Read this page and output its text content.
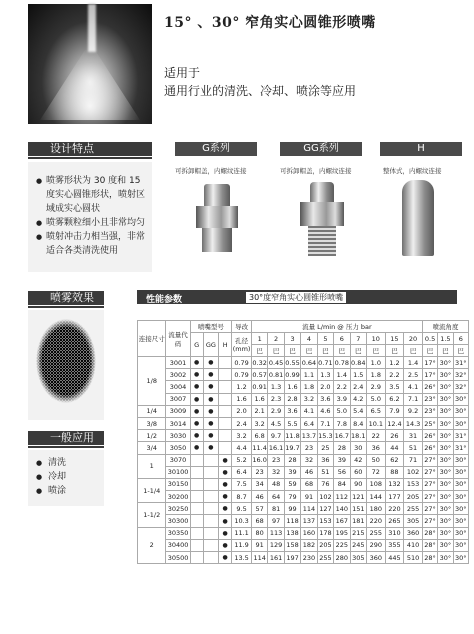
15° 、30° 窄角实心圆锥形喷嘴
适用于
通用行业的清洗、冷却、喷涂等应用
设计特点
● 喷雾形状为 30 度和 15 度实心圆锥形状，喷射区域成实心圆状
● 喷雾颗粒细小且非常均匀
● 喷射冲击力相当强，非常适合各类清洗使用
G系列	GG系列	H
可拆卸帽盖，内螺纹连接	可拆卸帽盖，内螺纹连接	整体式，内螺纹连接
喷雾效果
一般应用
● 清洗
● 冷却
● 喷涂
性能参数	30°度窄角实心圆锥形喷嘴
连接尺寸	流量代码	喷嘴型号			导改	流量 L/min @ 压力 bar										喷流角度		
		G	GG	H	孔径(mm)	1	2	3	4	5	6	7	10	15	20	0.5	1.5	6
						巴	巴	巴	巴	巴	巴	巴	巴	巴	巴	巴	巴	巴
1/8	3001	●	●		0.79	0.32	0.45	0.55	0.64	0.71	0.78	0.84	1.0	1.2	1.4	17°	30°	31°
	3002	●	●		0.79	0.57	0.81	0.99	1.1	1.3	1.4	1.5	1.8	2.2	2.5	17°	30°	32°
	3004	●	●		1.2	0.91	1.3	1.6	1.8	2.0	2.2	2.4	2.9	3.5	4.1	26°	30°	32°
	3007	●	●		1.6	1.6	2.3	2.8	3.2	3.6	3.9	4.2	5.0	6.2	7.1	23°	30°	30°
1/4	3009	●	●		2.0	2.1	2.9	3.6	4.1	4.6	5.0	5.4	6.5	7.9	9.2	23°	30°	30°
3/8	3014	●	●		2.4	3.2	4.5	5.5	6.4	7.1	7.8	8.4	10.1	12.4	14.3	25°	30°	30°
1/2	3030	●	●		3.2	6.8	9.7	11.8	13.7	15.3	16.7	18.1	22	26	31	26°	30°	31°
3/4	3050	●	●		4.4	11.4	16.1	19.7	23	25	28	30	36	44	51	26°	30°	31°
1	3070			●	5.2	16.0	23	28	32	36	39	42	50	62	71	27°	30°	30°
	30100			●	6.4	23	32	39	46	51	56	60	72	88	102	27°	30°	30°
1-1/4	30150			●	7.5	34	48	59	68	76	84	90	108	132	153	27°	30°	30°
	30200			●	8.7	46	64	79	91	102	112	121	144	177	205	27°	30°	30°
1-1/2	30250			●	9.5	57	81	99	114	127	140	151	180	220	255	27°	30°	30°
	30300			●	10.3	68	97	118	137	153	167	181	220	265	305	27°	30°	30°
2	30350			●	11.1	80	113	138	160	178	195	215	255	310	360	28°	30°	30°
	30400			●	11.9	91	129	158	182	205	225	245	290	355	410	28°	30°	30°
	30500			●	13.5	114	161	197	230	255	280	305	360	445	510	28°	30°	30°
